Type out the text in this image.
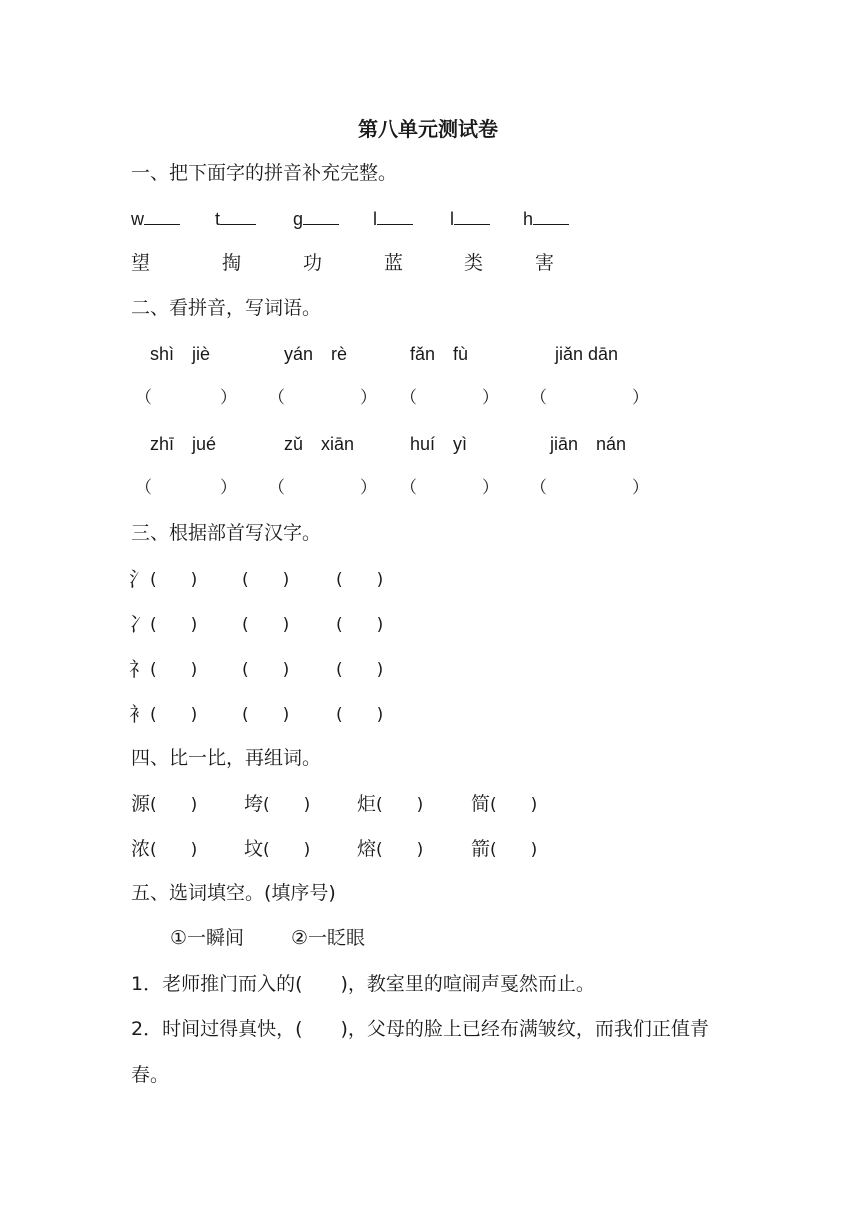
第八单元测试卷
一、把下面字的拼音补充完整。
w	t	g	l	l	h
望	掏	功	蓝	类	害
二、看拼音，写词语。
shì　jiè	yán　rè	fǎn　fù	jiǎn dān
（	） （	） （	） （	）
zhī　jué	zǔ　xiān	huí　yì	jiān　nán
（	） （	） （	） （	）
三、根据部首写汉字。
氵 (　　)	(　　)	(　　)
冫 (　　)	(　　)	(　　)
礻 (　　)	(　　)	(　　)
衤 (　　)	(　　)	(　　)
四、比一比，再组词。
源(　　) 垮(　　) 炬(　　)	简(　　)
浓(　　) 坟(　　) 熔(　　)	箭(　　)
五、选词填空。(填序号)
①一瞬间 ②一眨眼
1．老师推门而入的(　　)，教室里的喧闹声戛然而止。
2．时间过得真快，(　　)，父母的脸上已经布满皱纹，而我们正值青
春。
